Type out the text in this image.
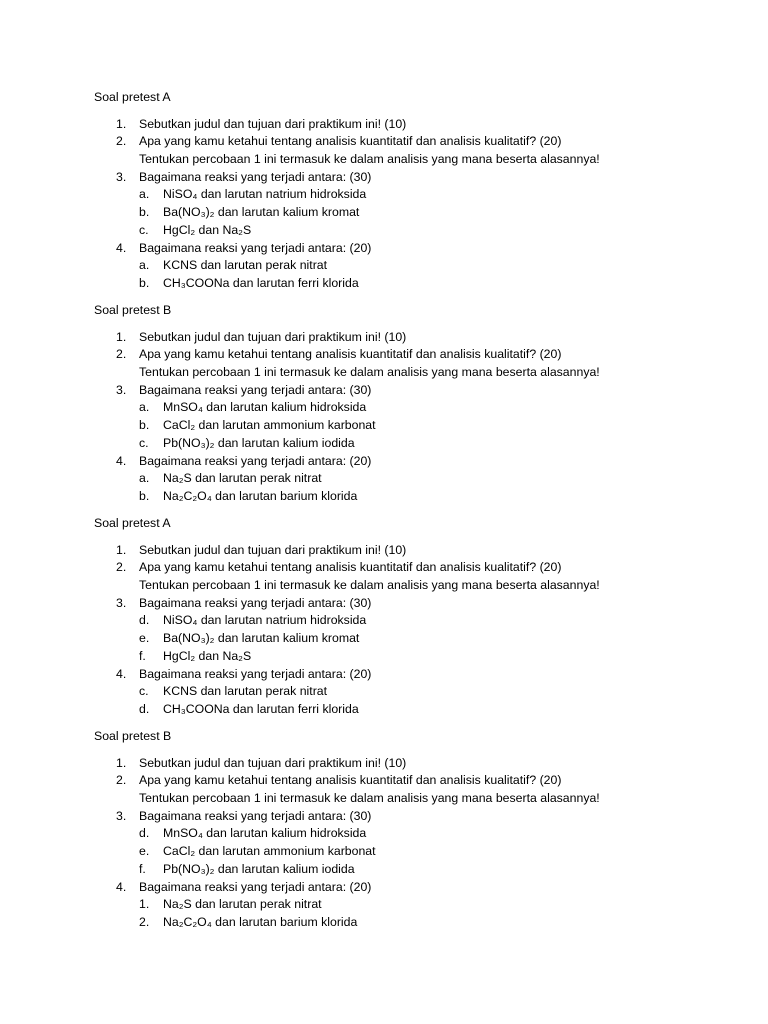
Soal pretest A
1. Sebutkan judul dan tujuan dari praktikum ini! (10)
2. Apa yang kamu ketahui tentang analisis kuantitatif dan analisis kualitatif? (20)
Tentukan percobaan 1 ini termasuk ke dalam analisis yang mana beserta alasannya!
3. Bagaimana reaksi yang terjadi antara: (30)
a. NiSO₄ dan larutan natrium hidroksida
b. Ba(NO₃)₂ dan larutan kalium kromat
c. HgCl₂ dan Na₂S
4. Bagaimana reaksi yang terjadi antara: (20)
a. KCNS dan larutan perak nitrat
b. CH₃COONa dan larutan ferri klorida
Soal pretest B
1. Sebutkan judul dan tujuan dari praktikum ini! (10)
2. Apa yang kamu ketahui tentang analisis kuantitatif dan analisis kualitatif? (20)
Tentukan percobaan 1 ini termasuk ke dalam analisis yang mana beserta alasannya!
3. Bagaimana reaksi yang terjadi antara: (30)
a. MnSO₄ dan larutan kalium hidroksida
b. CaCl₂ dan larutan ammonium karbonat
c. Pb(NO₃)₂ dan larutan kalium iodida
4. Bagaimana reaksi yang terjadi antara: (20)
a. Na₂S dan larutan perak nitrat
b. Na₂C₂O₄ dan larutan barium klorida
Soal pretest A
1. Sebutkan judul dan tujuan dari praktikum ini! (10)
2. Apa yang kamu ketahui tentang analisis kuantitatif dan analisis kualitatif? (20)
Tentukan percobaan 1 ini termasuk ke dalam analisis yang mana beserta alasannya!
3. Bagaimana reaksi yang terjadi antara: (30)
d. NiSO₄ dan larutan natrium hidroksida
e. Ba(NO₃)₂ dan larutan kalium kromat
f. HgCl₂ dan Na₂S
4. Bagaimana reaksi yang terjadi antara: (20)
c. KCNS dan larutan perak nitrat
d. CH₃COONa dan larutan ferri klorida
Soal pretest B
1. Sebutkan judul dan tujuan dari praktikum ini! (10)
2. Apa yang kamu ketahui tentang analisis kuantitatif dan analisis kualitatif? (20)
Tentukan percobaan 1 ini termasuk ke dalam analisis yang mana beserta alasannya!
3. Bagaimana reaksi yang terjadi antara: (30)
d. MnSO₄ dan larutan kalium hidroksida
e. CaCl₂ dan larutan ammonium karbonat
f. Pb(NO₃)₂ dan larutan kalium iodida
4. Bagaimana reaksi yang terjadi antara: (20)
1. Na₂S dan larutan perak nitrat
2. Na₂C₂O₄ dan larutan barium klorida
